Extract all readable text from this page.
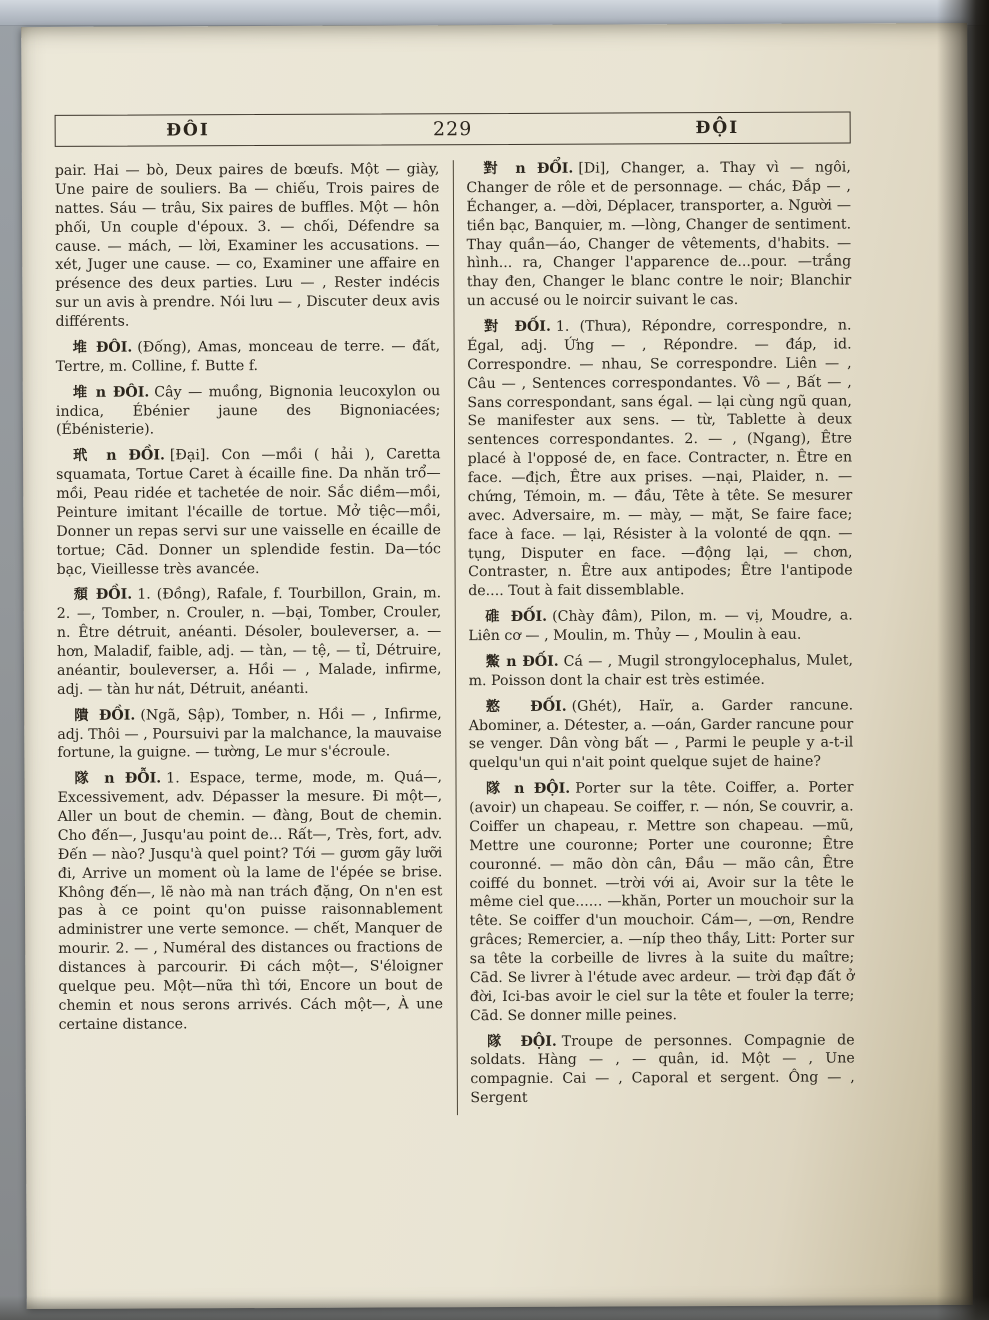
ĐÔI	229	ĐỘI

pair. Hai — bò, Deux paires de bœufs. Một — giày, Une paire de souliers. Ba — chiếu, Trois paires de nattes. Sáu — trâu, Six paires de buffles. Một — hôn phối, Un couple d'époux. 3. — chối, Défendre sa cause. — mách, — lời, Examiner les accusations. — xét, Juger une cause. — co, Examiner une affaire en présence des deux parties. Lưu — , Rester indécis sur un avis à prendre. Nói lưu — , Discuter deux avis différents.

堆 ĐÔI. (Đống), Amas, monceau de terre. — đất, Tertre, m. Colline, f. Butte f.

堆 n ĐÔI. Cây — muồng, Bignonia leucoxylon ou indica, Ébénier jaune des Bignoniacées; (Ébénisterie).

玳 n ĐỒI. [Đại]. Con —mồi ( hải ), Caretta squamata, Tortue Caret à écaille fine. Da nhăn trổ—mồi, Peau ridée et tachetée de noir. Sắc diềm—mồi, Peinture imitant l'écaille de tortue. Mở tiệc—mồi, Donner un repas servi sur une vaisselle en écaille de tortue; Cād. Donner un splendide festin. Da—tóc bạc, Vieillesse très avancée.

頹 ĐỒI. 1. (Đồng), Rafale, f. Tourbillon, Grain, m. 2. —, Tomber, n. Crouler, n. —bại, Tomber, Crouler, n. Être détruit, anéanti. Désoler, bouleverser, a. — hơn, Maladif, faible, adj. — tàn, — tệ, — tỉ, Détruire, anéantir, bouleverser, a. Hồi — , Malade, infirme, adj. — tàn hư nát, Détruit, anéanti.

隤 ĐỒI. (Ngã, Sập), Tomber, n. Hồi — , Infirme, adj. Thôi — , Poursuivi par la malchance, la mauvaise fortune, la guigne. — tường, Le mur s'écroule.

隊 n ĐỖI. 1. Espace, terme, mode, m. Quá—, Excessivement, adv. Dépasser la mesure. Đi một—, Aller un bout de chemin. — đàng, Bout de chemin. Cho đến—, Jusqu'au point de... Rất—, Très, fort, adv. Đến — nào? Jusqu'à quel point? Tới — gươm gãy lưỡi đi, Arrive un moment où la lame de l'épée se brise. Không đến—, lẽ nào mà nan trách đặng, On n'en est pas à ce point qu'on puisse raisonnablement administrer une verte semonce. — chết, Manquer de mourir. 2. — , Numéral des distances ou fractions de distances à parcourir. Đi cách một—, S'éloigner quelque peu. Một—nữa thì tới, Encore un bout de chemin et nous serons arrivés. Cách một—, À une certaine distance.

對 n ĐỔI. [Di], Changer, a. Thay vì — ngôi, Changer de rôle et de personnage. — chác, Đắp — , Échanger, a. —dời, Déplacer, transporter, a. Người — tiền bạc, Banquier, m. —lòng, Changer de sentiment. Thay quần—áo, Changer de vêtements, d'habits. —hình... ra, Changer l'apparence de...pour. —trắng thay đen, Changer le blanc contre le noir; Blanchir un accusé ou le noircir suivant le cas.

對 ĐỐI. 1. (Thưa), Répondre, correspondre, n. Égal, adj. Ứng — , Répondre. — đáp, id. Correspondre. — nhau, Se correspondre. Liên — , Câu — , Sentences correspondantes. Vô — , Bất — , Sans correspondant, sans égal. — lại cùng ngũ quan, Se manifester aux sens. — từ, Tablette à deux sentences correspondantes. 2. — , (Ngang), Être placé à l'opposé de, en face. Contracter, n. Être en face. —địch, Être aux prises. —nại, Plaider, n. —chứng, Témoin, m. — đầu, Tête à tête. Se mesurer avec. Adversaire, m. — mày, — mặt, Se faire face; face à face. — lại, Résister à la volonté de qqn. — tụng, Disputer en face. —động lại, — chơn, Contraster, n. Être aux antipodes; Être l'antipode de.... Tout à fait dissemblable.

碓 ĐỐI. (Chày đâm), Pilon, m. — vị, Moudre, a. Liên cơ — , Moulin, m. Thủy — , Moulin à eau.

鱉 n ĐỐI. Cá — , Mugil strongylocephalus, Mulet, m. Poisson dont la chair est très estimée.

憝 ĐỐI. (Ghét), Haïr, a. Garder rancune. Abominer, a. Détester, a. —oán, Garder rancune pour se venger. Dân vòng bất — , Parmi le peuple y a-t-il quelqu'un qui n'ait point quelque sujet de haine?

隊 n ĐỘI. Porter sur la tête. Coiffer, a. Porter (avoir) un chapeau. Se coiffer, r. — nón, Se couvrir, a. Coiffer un chapeau, r. Mettre son chapeau. —mũ, Mettre une couronne; Porter une couronne; Être couronné. — mão dòn cân, Đầu — mão cân, Être coiffé du bonnet. —trời với ai, Avoir sur la tête le même ciel que...... —khăn, Porter un mouchoir sur la tête. Se coiffer d'un mouchoir. Cám—, —ơn, Rendre grâces; Remercier, a. —níp theo thầy, Litt: Porter sur sa tête la corbeille de livres à la suite du maître; Cād. Se livrer à l'étude avec ardeur. — trời đạp đất ở đời, Ici-bas avoir le ciel sur la tête et fouler la terre; Cād. Se donner mille peines.

隊 ĐỘI. Troupe de personnes. Compagnie de soldats. Hàng — , — quân, id. Một — , Une compagnie. Cai — , Caporal et sergent. Ông — , Sergent
